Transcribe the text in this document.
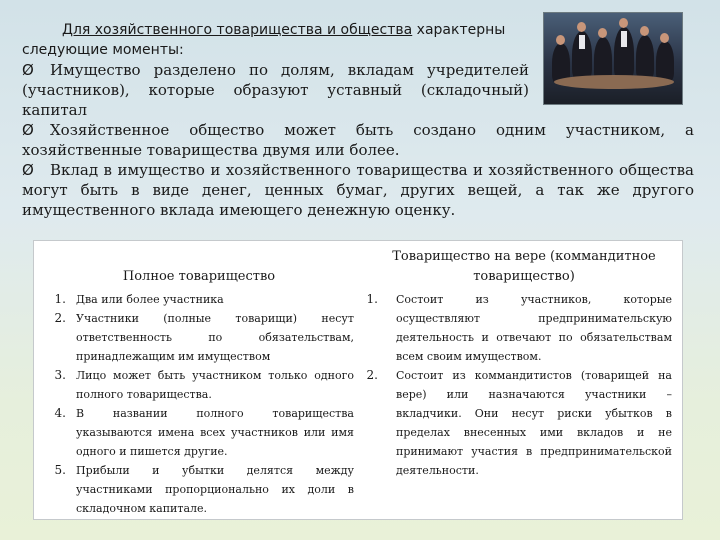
Для хозяйственного товарищества и общества характерны

следующие моменты:

Ø Имущество разделено по долям, вкладам учредителей (участников), которые образуют уставный (складочный) капитал

Ø Хозяйственное общество может быть создано одним участником, а хозяйственные товарищества двумя или более.

Ø Вклад в имущество и хозяйственного товарищества и хозяйственного общества могут быть в виде денег, ценных бумаг, других вещей, а так же другого имущественного вклада имеющего денежную оценку.

Полное товарищество
1. Два или более участника
2. Участники (полные товарищи) несут ответственность по обязательствам, принадлежащим им имуществом
3. Лицо может быть участником только одного полного товарищества.
4. В названии полного товарищества указываются имена всех участников или имя одного и пишется другие.
5. Прибыли и убытки делятся между участниками пропорционально их доли в складочном капитале.
Товарищество на вере (коммандитное товарищество)
1. Состоит из участников, которые осуществляют предпринимательскую деятельность и отвечают по обязательствам всем своим имуществом.
2. Состоит из коммандитистов (товарищей на вере) или назначаются участники – вкладчики. Они несут риски убытков в пределах внесенных ими вкладов и не принимают участия в предпринимательской деятельности.
